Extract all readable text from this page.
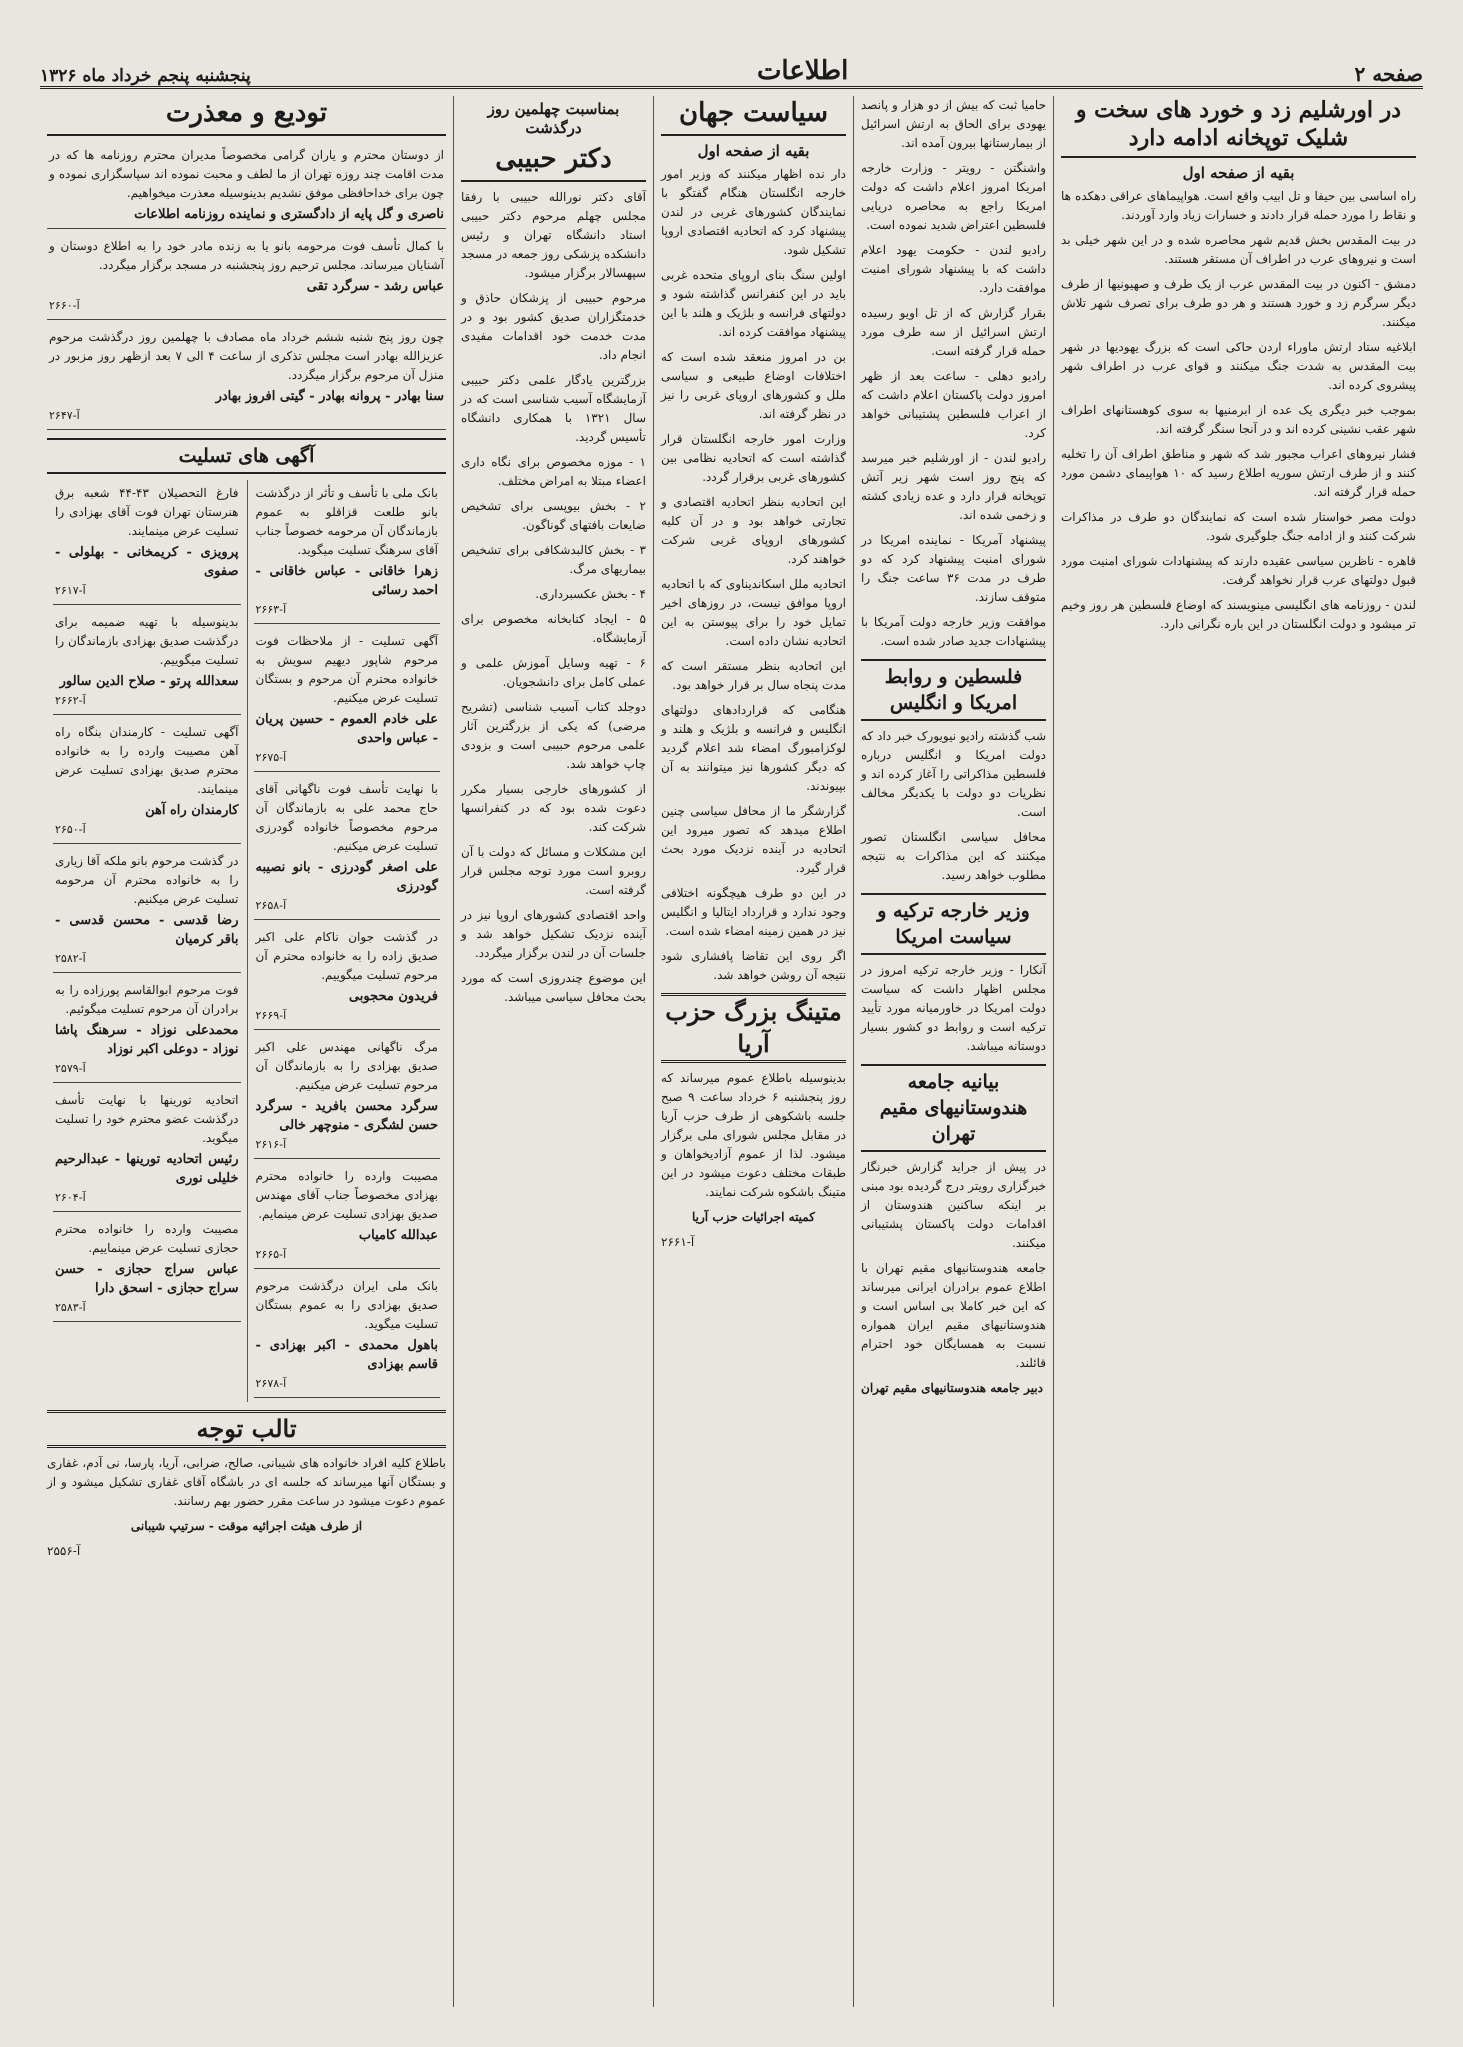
صفحه ۲
اطلاعات
پنجشنبه پنجم خرداد ماه ۱۳۲۶
در اورشلیم زد و خورد های سخت و شلیک توپخانه ادامه دارد
بقیه از صفحه اول

راه اساسی بین حیفا و تل ابیب واقع است. هواپیماهای عراقی دهکده ها و نقاط را مورد حمله قرار دادند و خسارات زیاد وارد آوردند.

در بیت المقدس بخش قدیم شهر محاصره شده و در این شهر خیلی بد است و نیروهای عرب در اطراف آن مستقر هستند.

دمشق - اکنون در بیت المقدس عرب از یک طرف و صهیونیها از طرف دیگر سرگرم زد و خورد هستند و هر دو طرف برای تصرف شهر تلاش میکنند.

ابلاغیه ستاد ارتش ماوراء اردن حاکی است که بزرگ یهودیها در شهر بیت المقدس به شدت جنگ میکنند و قوای عرب در اطراف شهر پیشروی کرده اند.

بموجب خبر دیگری یک عده از ابرمنیها به سوی کوهستانهای اطراف شهر عقب نشینی کرده اند و در آنجا سنگر گرفته اند.

فشار نیروهای اعراب مجبور شد که شهر و مناطق اطراف آن را تخلیه کنند و از طرف ارتش سوریه اطلاع رسید که ۱۰ هواپیمای دشمن مورد حمله قرار گرفته اند.

دولت مصر خواستار شده است که نمایندگان دو طرف در مذاکرات شرکت کنند و از ادامه جنگ جلوگیری شود.

قاهره - ناظرین سیاسی عقیده دارند که پیشنهادات شورای امنیت مورد قبول دولتهای عرب قرار نخواهد گرفت.

لندن - روزنامه های انگلیسی مینویسند که اوضاع فلسطین هر روز وخیم تر میشود و دولت انگلستان در این باره نگرانی دارد.

حامیا ثبت که بیش از دو هزار و پانصد یهودی برای الحاق به ارتش اسرائیل از بیمارستانها بیرون آمده اند.

واشنگتن - رویتر - وزارت خارجه امریکا امروز اعلام داشت که دولت امریکا راجع به محاصره دریایی فلسطین اعتراض شدید نموده است.

رادیو لندن - حکومت یهود اعلام داشت که با پیشنهاد شورای امنیت موافقت دارد.

بقرار گزارش که از تل اویو رسیده ارتش اسرائیل از سه طرف مورد حمله قرار گرفته است.

رادیو دهلی - ساعت بعد از ظهر امروز دولت پاکستان اعلام داشت که از اعراب فلسطین پشتیبانی خواهد کرد.

رادیو لندن - از اورشلیم خبر میرسد که پنج روز است شهر زیر آتش توپخانه قرار دارد و عده زیادی کشته و زخمی شده اند.

پیشنهاد آمریکا - نماینده امریکا در شورای امنیت پیشنهاد کرد که دو طرف در مدت ۳۶ ساعت جنگ را متوقف سازند.

موافقت وزیر خارجه دولت آمریکا با پیشنهادات جدید صادر شده است.

فلسطین و روابط امریکا و انگلیس

شب گذشته رادیو نیویورک خبر داد که دولت امریکا و انگلیس درباره فلسطین مذاکراتی را آغاز کرده اند و نظریات دو دولت با یکدیگر مخالف است.

محافل سیاسی انگلستان تصور میکنند که این مذاکرات به نتیجه مطلوب خواهد رسید.

وزیر خارجه ترکیه و سیاست امریکا

آنکارا - وزیر خارجه ترکیه امروز در مجلس اظهار داشت که سیاست دولت امریکا در خاورمیانه مورد تأیید ترکیه است و روابط دو کشور بسیار دوستانه میباشد.

بیانیه جامعه هندوستانیهای مقیم تهران

در پیش از جراید گزارش خبرنگار خبرگزاری رویتر درج گردیده بود مبنی بر اینکه ساکنین هندوستان از اقدامات دولت پاکستان پشتیبانی میکنند.

جامعه هندوستانیهای مقیم تهران با اطلاع عموم برادران ایرانی میرساند که این خبر کاملا بی اساس است و هندوستانیهای مقیم ایران همواره نسبت به همسایگان خود احترام قائلند.

دبیر جامعه هندوستانیهای مقیم تهران

سیاست جهان
بقیه از صفحه اول

دار نده اظهار میکنند که وزیر امور خارجه انگلستان هنگام گفتگو با نمایندگان کشورهای غربی در لندن پیشنهاد کرد که اتحادیه اقتصادی اروپا تشکیل شود.

اولین سنگ بنای اروپای متحده غربی باید در این کنفرانس گذاشته شود و دولتهای فرانسه و بلژیک و هلند با این پیشنهاد موافقت کرده اند.

بن در امروز منعقد شده است که اختلافات اوضاع طبیعی و سیاسی ملل و کشورهای اروپای غربی را نیز در نظر گرفته اند.

وزارت امور خارجه انگلستان قرار گذاشته است که اتحادیه نظامی بین کشورهای غربی برقرار گردد.

این اتحادیه بنظر اتحادیه اقتصادی و تجارتی خواهد بود و در آن کلیه کشورهای اروپای غربی شرکت خواهند کرد.

اتحادیه ملل اسکاندیناوی که با اتحادیه اروپا موافق نیست، در روزهای اخیر تمایل خود را برای پیوستن به این اتحادیه نشان داده است.

این اتحادیه بنظر مستقر است که مدت پنجاه سال بر قرار خواهد بود.

هنگامی که قراردادهای دولتهای انگلیس و فرانسه و بلژیک و هلند و لوکزامبورگ امضاء شد اعلام گردید که دیگر کشورها نیز میتوانند به آن بپیوندند.

گزارشگر ما از محافل سیاسی چنین اطلاع میدهد که تصور میرود این اتحادیه در آینده نزدیک مورد بحث قرار گیرد.

در این دو طرف هیچگونه اختلافی وجود ندارد و قرارداد ایتالیا و انگلیس نیز در همین زمینه امضاء شده است.

اگر روی این تقاضا پافشاری شود نتیجه آن روشن خواهد شد.

متینگ بزرگ حزب آریا

بدینوسیله باطلاع عموم میرساند که روز پنجشنبه ۶ خرداد ساعت ۹ صبح جلسه باشکوهی از طرف حزب آریا در مقابل مجلس شورای ملی برگزار میشود. لذا از عموم آزادیخواهان و طبقات مختلف دعوت میشود در این متینگ باشکوه شرکت نمایند.

کمیته اجرائیات حزب آریا

آ-۲۶۶۱

بمناسبت چهلمین روز درگذشت
دکتر حبیبی

آقای دکتر نورالله حبیبی با رفقا مجلس چهلم مرحوم دکتر حبیبی استاد دانشگاه تهران و رئیس دانشکده پزشکی روز جمعه در مسجد سپهسالار برگزار میشود.

مرحوم حبیبی از پزشکان حاذق و خدمتگزاران صدیق کشور بود و در مدت خدمت خود اقدامات مفیدی انجام داد.

بزرگترین یادگار علمی دکتر حبیبی آزمایشگاه آسیب شناسی است که در سال ۱۳۲۱ با همکاری دانشگاه تأسیس گردید.

۱ - موزه مخصوص برای نگاه داری اعضاء مبتلا به امراض مختلف.

۲ - بخش بیوپسی برای تشخیص ضایعات بافتهای گوناگون.

۳ - بخش کالبدشکافی برای تشخیص بیماریهای مرگ.

۴ - بخش عکسبرداری.

۵ - ایجاد کتابخانه مخصوص برای آزمایشگاه.

۶ - تهیه وسایل آموزش علمی و عملی کامل برای دانشجویان.

دوجلد کتاب آسیب شناسی (تشریح مرضی) که یکی از بزرگترین آثار علمی مرحوم حبیبی است و بزودی چاپ خواهد شد.

از کشورهای خارجی بسیار مکرر دعوت شده بود که در کنفرانسها شرکت کند.

این مشکلات و مسائل که دولت با آن روبرو است مورد توجه مجلس قرار گرفته است.

واحد اقتصادی کشورهای اروپا نیز در آینده نزدیک تشکیل خواهد شد و جلسات آن در لندن برگزار میگردد.

این موضوع چندروزی است که مورد بحث محافل سیاسی میباشد.

تودیع و معذرت
از دوستان محترم و یاران گرامی مخصوصاً مدیران محترم روزنامه ها که در مدت اقامت چند روزه تهران از ما لطف و محبت نموده اند سپاسگزاری نموده و چون برای خداحافظی موفق نشدیم بدینوسیله معذرت میخواهیم.
ناصری و گل پایه از دادگستری و نماینده روزنامه اطلاعات
با کمال تأسف فوت مرحومه بانو یا به زنده مادر خود را به اطلاع دوستان و آشنایان میرساند. مجلس ترحیم روز پنجشنبه در مسجد برگزار میگردد.
عباس رشد - سرگرد تقی
آ-۲۶۶۰
چون روز پنج شنبه ششم خرداد ماه مصادف با چهلمین روز درگذشت مرحوم عزیزالله بهادر است مجلس تذکری از ساعت ۴ الی ۷ بعد ازظهر روز مزبور در منزل آن مرحوم برگزار میگردد.
سنا بهادر - پروانه بهادر - گیتی افروز بهادر
آ-۲۶۴۷
آگهی های تسلیت
بانک ملی با تأسف و تأثر از درگذشت بانو طلعت قزاقلو به عموم بازماندگان آن مرحومه خصوصاً جناب آقای سرهنگ تسلیت میگوید.
زهرا خاقانی - عباس خاقانی - احمد رسائی
آ-۲۶۶۳
آگهی تسلیت - از ملاحظات فوت مرحوم شاپور دیهیم سویش به خانواده محترم آن مرحوم و بستگان تسلیت عرض میکنیم.
علی خادم العموم - حسین پریان - عباس واحدی
آ-۲۶۷۵
با نهایت تأسف فوت ناگهانی آقای حاج محمد علی به بازماندگان آن مرحوم مخصوصاً خانواده گودرزی تسلیت عرض میکنیم.
علی اصغر گودرزی - بانو نصیبه گودرزی
آ-۲۶۵۸
در گذشت جوان ناکام علی اکبر صدیق زاده را به خانواده محترم آن مرحوم تسلیت میگوییم.
فریدون محجوبی
آ-۲۶۶۹
مرگ ناگهانی مهندس علی اکبر صدیق بهزادی را به بازماندگان آن مرحوم تسلیت عرض میکنیم.
سرگرد محسن بافرید - سرگرد حسن لشگری - منوچهر خالی
آ-۲۶۱۶
مصیبت وارده را خانواده محترم بهزادی مخصوصاً جناب آقای مهندس صدیق بهزادی تسلیت عرض مینمایم.
عبدالله کامیاب
آ-۲۶۶۵
بانک ملی ایران درگذشت مرحوم صدیق بهزادی را به عموم بستگان تسلیت میگوید.
باهول محمدی - اکبر بهزادی - قاسم بهزادی
آ-۲۶۷۸
فارغ التحصیلان ۴۳-۴۴ شعبه برق هنرستان تهران فوت آقای بهزادی را تسلیت عرض مینمایند.
پرویزی - کریمخانی - بهلولی - صفوی
آ-۲۶۱۷
بدینوسیله با تهیه ضمیمه برای درگذشت صدیق بهزادی بازماندگان را تسلیت میگوییم.
سعدالله پرتو - صلاح الدین سالور
آ-۲۶۶۲
آگهی تسلیت - کارمندان بنگاه راه آهن مصیبت وارده را به خانواده محترم صدیق بهزادی تسلیت عرض مینمایند.
کارمندان راه آهن
آ-۲۶۵۰
در گذشت مرحوم بانو ملکه آقا زیاری را به خانواده محترم آن مرحومه تسلیت عرض میکنیم.
رضا قدسی - محسن قدسی - باقر کرمیان
آ-۲۵۸۲
فوت مرحوم ابوالقاسم پورزاده را به برادران آن مرحوم تسلیت میگوئیم.
محمدعلی نوزاد - سرهنگ پاشا نوزاد - دوعلی اکبر نوزاد
آ-۲۵۷۹
اتحادیه تورینها با نهایت تأسف درگذشت عضو محترم خود را تسلیت میگوید.
رئیس اتحادیه تورینها - عبدالرحیم خلیلی نوری
آ-۲۶۰۴
مصیبت وارده را خانواده محترم حجازی تسلیت عرض مینماییم.
عباس سراج حجازی - حسن سراج حجازی - اسحق دارا
آ-۲۵۸۳
تالب توجه

باطلاع کلیه افراد خانواده های شیبانی، صالح، ضرابی، آریا، پارسا، نی آدم، غفاری و بستگان آنها میرساند که جلسه ای در باشگاه آقای غفاری تشکیل میشود و از عموم دعوت میشود در ساعت مقرر حضور بهم رسانند.

از طرف هیئت اجرائیه موقت - سرتیپ شیبانی

آ-۲۵۵۶
